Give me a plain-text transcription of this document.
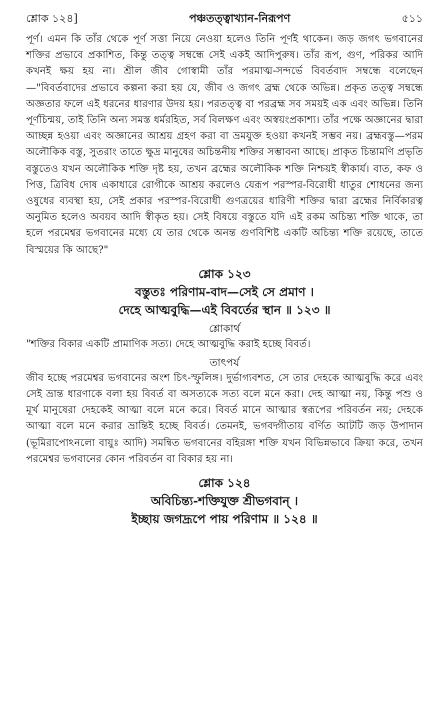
শ্লোক ১২৪]	পঞ্চতত্ত্বাখ্যান-নিরূপণ	৫১১

পূর্ণ। এমন কি তাঁর থেকে পূর্ণ সত্তা নিয়ে নেওয়া হলেও তিনি পূর্ণই থাকেন। জড় জগৎ ভগবানের শক্তির প্রভাবে প্রকাশিত, কিন্তু তত্ত্ব সম্বন্ধে সেই একই আদিপুরুষ। তাঁর রূপ, গুণ, পরিকর আদি কখনই ক্ষয় হয় না। শ্রীল জীব গোস্বামী তাঁর পরমাত্ম-সন্দর্ভে বিবর্তবাদ সম্বন্ধে বলেছেন—"বিবর্তবাদের প্রভাবে কল্পনা করা হয় যে, জীব ও জগৎ ব্রহ্ম থেকে অভিন্ন। প্রকৃত তত্ত্ব সম্বন্ধে অজ্ঞতার ফলে এই ধরনের ধারণার উদয় হয়। পরতত্ত্ব বা পরব্রহ্ম সব সময়ই এক এবং অভিন্ন। তিনি পূর্ণচিন্ময়, তাই তিনি অন্য সমস্ত ধর্মরহিত, সর্ব বিলক্ষণ এবং অস্বয়ংপ্রকাশ্য। তাঁর পক্ষে অজ্ঞানের দ্বারা আচ্ছন্ন হওয়া এবং অজ্ঞানের আশ্রয় গ্রহণ করা বা ভ্রমযুক্ত হওয়া কখনই সম্ভব নয়। ব্রহ্মবস্তু—পরম অলৌকিক বস্তু, সুতরাং তাতে ক্ষুদ্র মানুষের অচিন্তনীয় শক্তির সম্ভাবনা আছে। প্রাকৃত চিন্তামণি প্রভৃতি বস্তুতেও যখন অলৌকিক শক্তি দৃষ্ট হয়, তখন ব্রহ্মের অলৌকিক শক্তি নিশ্চয়ই স্বীকার্য। বাত, কফ ও পিত্ত, ত্রিবিধ দোষ একাধারে রোগীকে আশ্রয় করলেও যেরূপ পরস্পর-বিরোধী ধাতুর শোধনের জন্য ওষুধের ব্যবস্থা হয়, সেই প্রকার পরস্পর-বিরোধী গুণত্রয়ের ধারিণী শক্তির দ্বারা ব্রহ্মের নির্বিকারত্ব অনুমিত হলেও অবয়ব আদি স্বীকৃত হয়। সেই বিষয়ে বস্তুতে যদি এই রকম অচিন্ত্য শক্তি থাকে, তা হলে পরমেশ্বর ভগবানের মধ্যে যে তার থেকে অনন্ত গুণবিশিষ্ট একটি অচিন্ত্য শক্তি রয়েছে, তাতে বিস্ময়ের কি আছে?"

শ্লোক ১২৩
বস্তুতঃ পরিণাম-বাদ—সেই সে প্রমাণ ।
দেহে আত্মবুদ্ধি—এই বিবর্তের স্থান ॥ ১২৩ ॥
শ্লোকার্থ
"শক্তির বিকার একটি প্রামাণিক সত্য। দেহে আত্মবুদ্ধি করাই হচ্ছে বিবর্ত।
তাৎপর্য

জীব হচ্ছে পরমেশ্বর ভগবানের অংশ চিৎ-স্ফুলিঙ্গ। দুর্ভাগ্যবশত, সে তার দেহকে আত্মবুদ্ধি করে এবং সেই ভ্রান্ত ধারণাকে বলা হয় বিবর্ত বা অসত্যকে সত্য বলে মনে করা। দেহ আত্মা নয়, কিন্তু পশু ও মূর্খ মানুষেরা দেহকেই আত্মা বলে মনে করে। বিবর্ত মানে আত্মার স্বরূপের পরিবর্তন নয়; দেহকে আত্মা বলে মনে করার ভ্রান্তিই হচ্ছে বিবর্ত। তেমনই, ভগবদ্গীতায় বর্ণিত আটটি জড় উপাদান (ভূমিরাপোঽনলো বায়ুঃ আদি) সমন্বিত ভগবানের বহিরঙ্গা শক্তি যখন বিভিন্নভাবে ক্রিয়া করে, তখন পরমেশ্বর ভগবানের কোন পরিবর্তন বা বিকার হয় না।

শ্লোক ১২৪
অবিচিন্ত্য-শক্তিযুক্ত শ্রীভগবান্ ।
ইচ্ছায় জগদ্রূপে পায় পরিণাম ॥ ১২৪ ॥
